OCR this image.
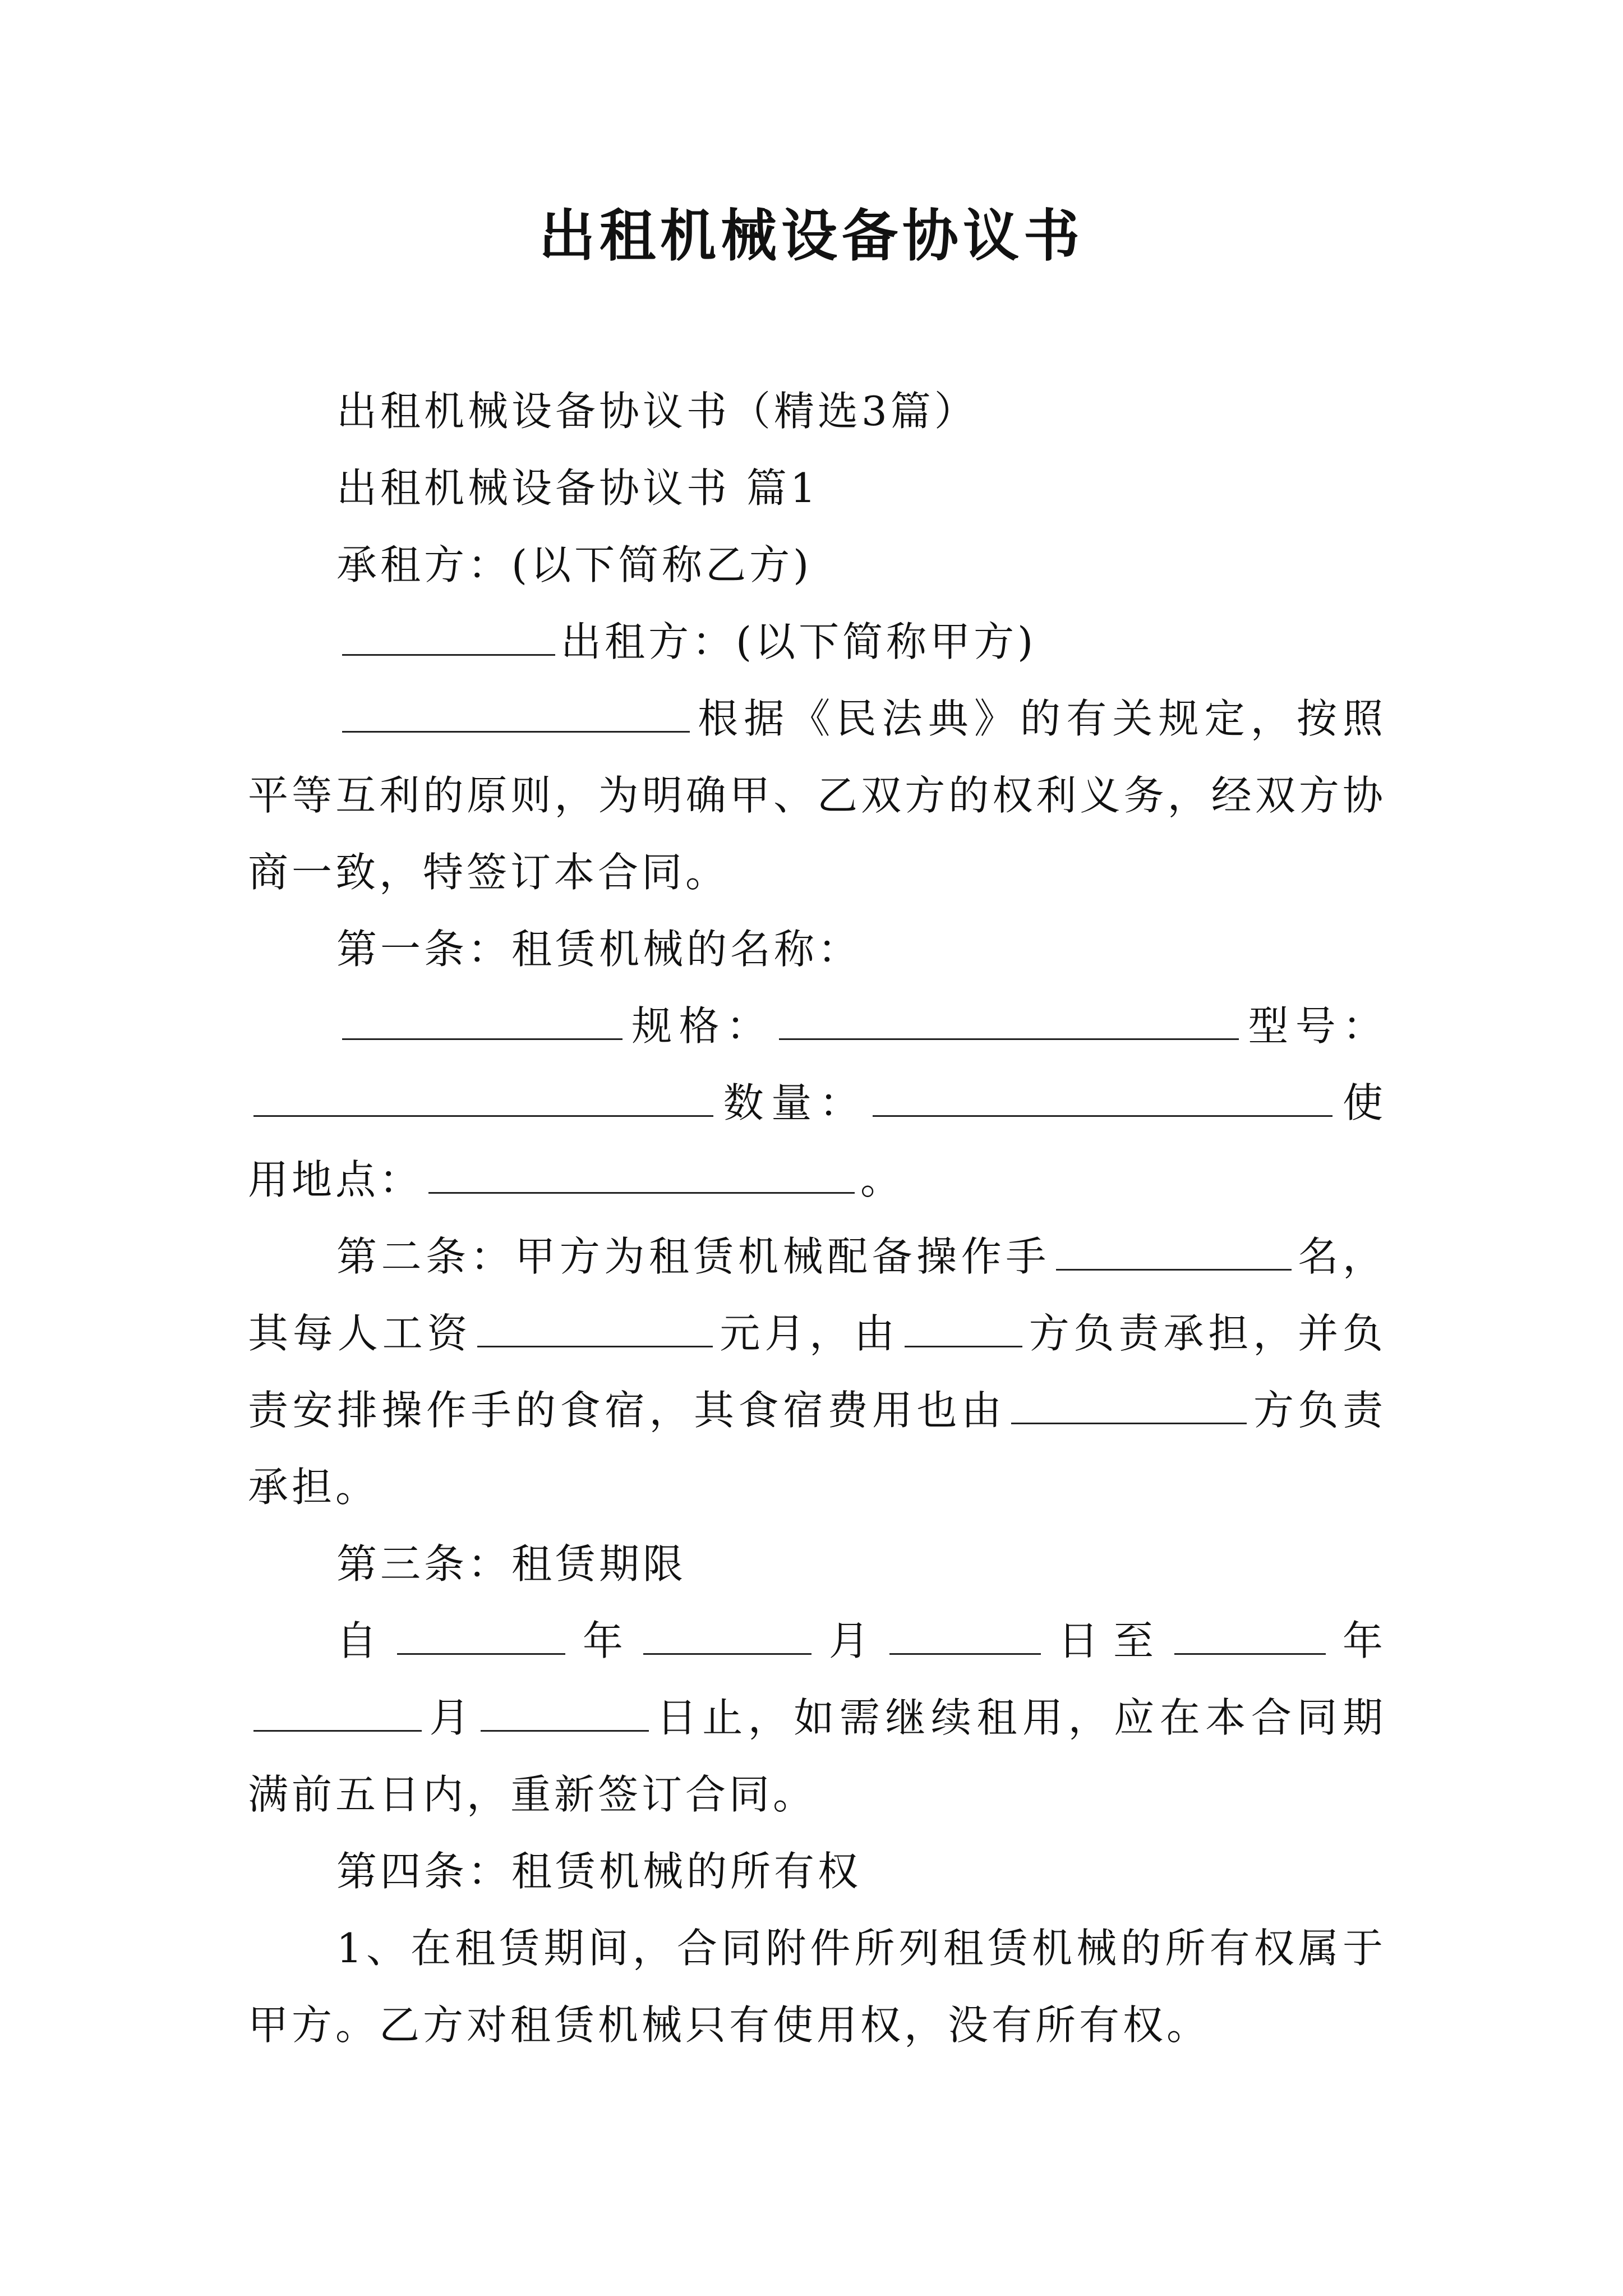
出租机械设备协议书

出租机械设备协议书（精选3篇）

出租机械设备协议书 篇1

承租方：(以下简称乙方)

出租方：(以下简称甲方)

根据《民法典》的有关规定，按照平等互利的原则，为明确甲、乙双方的权利义务，经双方协商一致，特签订本合同。

第一条：租赁机械的名称：

规格：	型号：数量：	使用地点：	。

第二条：甲方为租赁机械配备操作手	名，其每人工资	元月，由	方负责承担，并负责安排操作手的食宿，其食宿费用也由	方负责承担。

第三条：租赁期限

自	年	月	日至	年月	日止，如需继续租用，应在本合同期满前五日内，重新签订合同。

第四条：租赁机械的所有权

1、在租赁期间，合同附件所列租赁机械的所有权属于甲方。乙方对租赁机械只有使用权，没有所有权。
